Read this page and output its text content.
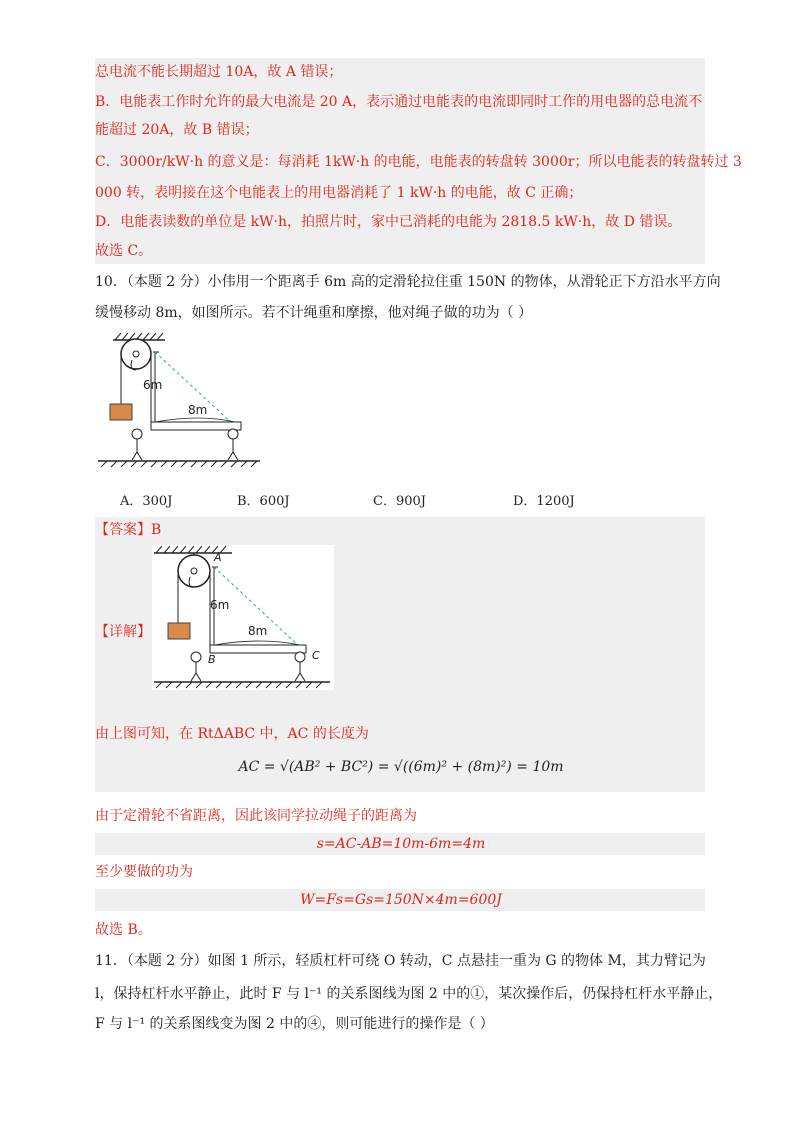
总电流不能长期超过 10A，故 A 错误；
B．电能表工作时允许的最大电流是 20 A，表示通过电能表的电流即同时工作的用电器的总电流不
能超过 20A，故 B 错误；
C．3000r/kW·h 的意义是：每消耗 1kW·h 的电能，电能表的转盘转 3000r；所以电能表的转盘转过 3
000 转，表明接在这个电能表上的用电器消耗了 1 kW·h 的电能，故 C 正确；
D．电能表读数的单位是 kW·h，拍照片时，家中已消耗的电能为 2818.5 kW·h，故 D 错误。
故选 C。
10．（本题 2 分）小伟用一个距离手 6m 高的定滑轮拉住重 150N 的物体，从滑轮正下方沿水平方向
缓慢移动 8m，如图所示。若不计绳重和摩擦，他对绳子做的功为（ ）
6m
8m
A．300J	B．600J	C．900J	D．1200J
【答案】B
【详解】
A
6m
8m
B	C
由上图可知，在 RtΔABC 中，AC 的长度为
AC = √(AB² + BC²) = √((6m)² + (8m)²) = 10m
由于定滑轮不省距离，因此该同学拉动绳子的距离为
s=AC-AB=10m-6m=4m
至少要做的功为
W=Fs=Gs=150N×4m=600J
故选 B。
11．（本题 2 分）如图 1 所示，轻质杠杆可绕 O 转动，C 点悬挂一重为 G 的物体 M，其力臂记为
l，保持杠杆水平静止，此时 F 与 l⁻¹ 的关系图线为图 2 中的①，某次操作后，仍保持杠杆水平静止，
F 与 l⁻¹ 的关系图线变为图 2 中的④，则可能进行的操作是（ ）
